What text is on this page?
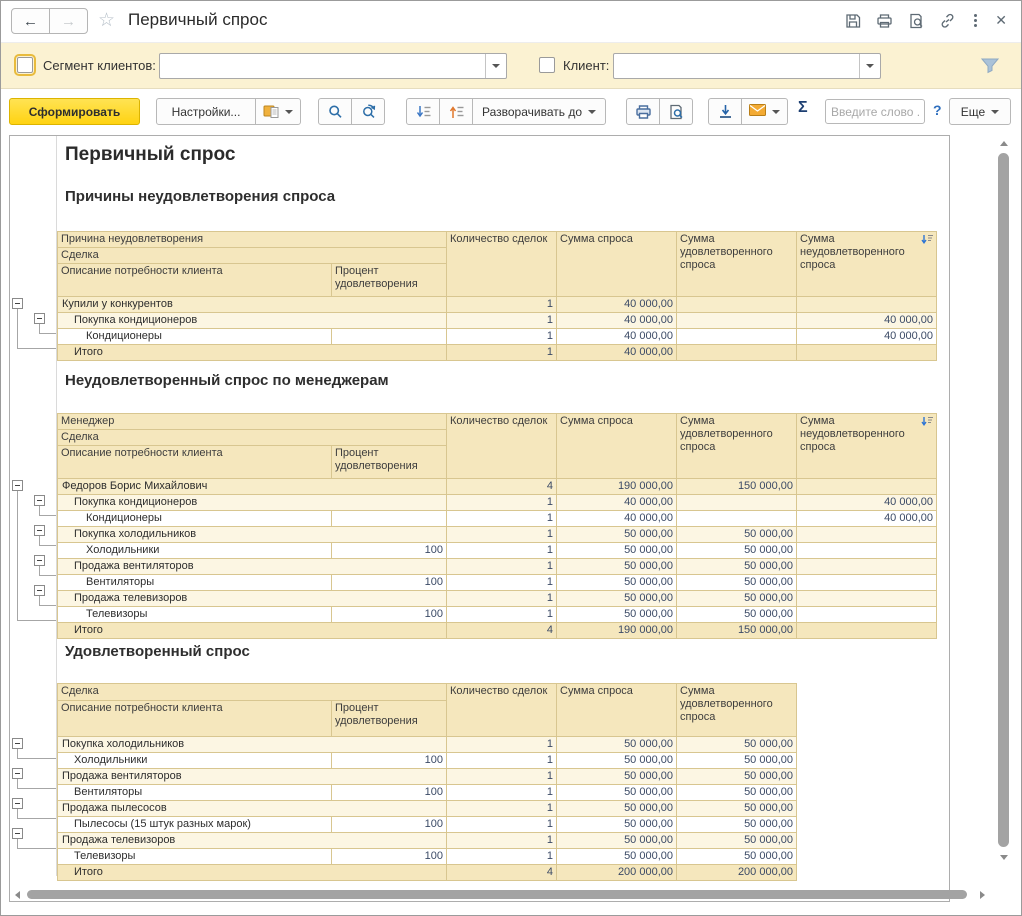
← → ☆ Первичный спрос	✕
Сегмент клиентов:	Клиент:
Сформировать	Настройки...	Разворачивать до	Σ
Введите слово ...	? Еще
Первичный спрос
Причины неудовлетворения спроса
Причина неудовлетворения		Количество сделок	Сумма спроса	Сумма удовлетворенного спроса	Сумма неудовлетворенного спроса

Сделка					
Описание потребности клиента	Процент удовлетворения				
Купили у конкурентов		1	40 000,00		
Покупка кондиционеров		1	40 000,00		40 000,00
Кондиционеры		1	40 000,00		40 000,00
Итого		1	40 000,00		
Неудовлетворенный спрос по менеджерам
Менеджер		Количество сделок	Сумма спроса	Сумма удовлетворенного спроса	Сумма неудовлетворенного спроса

Сделка					
Описание потребности клиента	Процент удовлетворения				
Федоров Борис Михайлович		4	190 000,00	150 000,00	
Покупка кондиционеров		1	40 000,00		40 000,00
Кондиционеры		1	40 000,00		40 000,00
Покупка холодильников		1	50 000,00	50 000,00	
Холодильники	100	1	50 000,00	50 000,00	
Продажа вентиляторов		1	50 000,00	50 000,00	
Вентиляторы	100	1	50 000,00	50 000,00	
Продажа телевизоров		1	50 000,00	50 000,00	
Телевизоры	100	1	50 000,00	50 000,00	
Итого		4	190 000,00	150 000,00	
Удовлетворенный спрос
Сделка		Количество сделок	Сумма спроса	Сумма удовлетворенного спроса
Описание потребности клиента	Процент удовлетворения			
Покупка холодильников		1	50 000,00	50 000,00
Холодильники	100	1	50 000,00	50 000,00
Продажа вентиляторов		1	50 000,00	50 000,00
Вентиляторы	100	1	50 000,00	50 000,00
Продажа пылесосов		1	50 000,00	50 000,00
Пылесосы (15 штук разных марок)	100	1	50 000,00	50 000,00
Продажа телевизоров		1	50 000,00	50 000,00
Телевизоры	100	1	50 000,00	50 000,00
Итого		4	200 000,00	200 000,00
